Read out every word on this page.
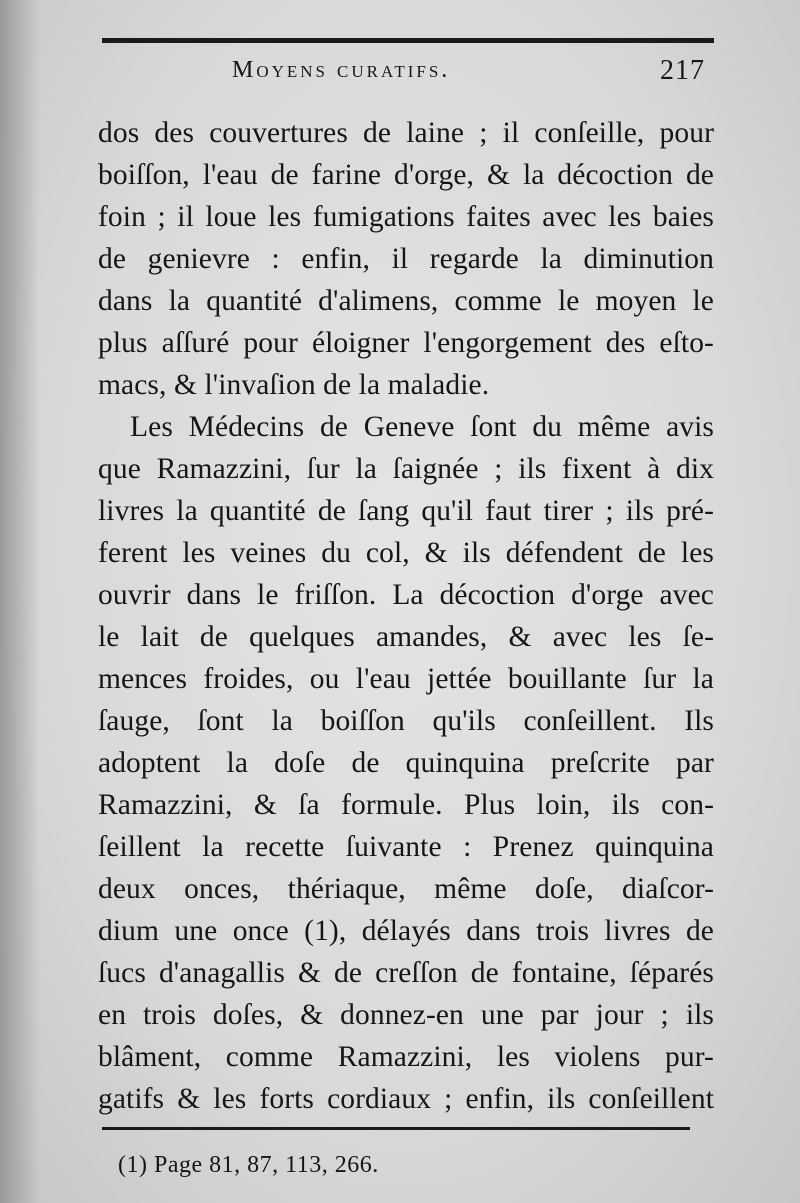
Moyens curatifs.	217
dos des couvertures de laine ; il conſeille, pour
boiſſon, l'eau de farine d'orge, & la décoction de
foin ; il loue les fumigations faites avec les baies
de genievre : enfin, il regarde la diminution
dans la quantité d'alimens, comme le moyen le
plus aſſuré pour éloigner l'engorgement des eſto-
macs, & l'invaſion de la maladie.
Les Médecins de Geneve ſont du même avis
que Ramazzini, ſur la ſaignée ; ils fixent à dix
livres la quantité de ſang qu'il faut tirer ; ils pré-
ferent les veines du col, & ils défendent de les
ouvrir dans le friſſon. La décoction d'orge avec
le lait de quelques amandes, & avec les ſe-
mences froides, ou l'eau jettée bouillante ſur la
ſauge, ſont la boiſſon qu'ils conſeillent. Ils
adoptent la doſe de quinquina preſcrite par
Ramazzini, & ſa formule. Plus loin, ils con-
ſeillent la recette ſuivante : Prenez quinquina
deux onces, thériaque, même doſe, diaſcor-
dium une once (1), délayés dans trois livres de
ſucs d'anagallis & de creſſon de fontaine, ſéparés
en trois doſes, & donnez-en une par jour ; ils
blâment, comme Ramazzini, les violens pur-
gatifs & les forts cordiaux ; enfin, ils conſeillent
(1) Page 81, 87, 113, 266.
